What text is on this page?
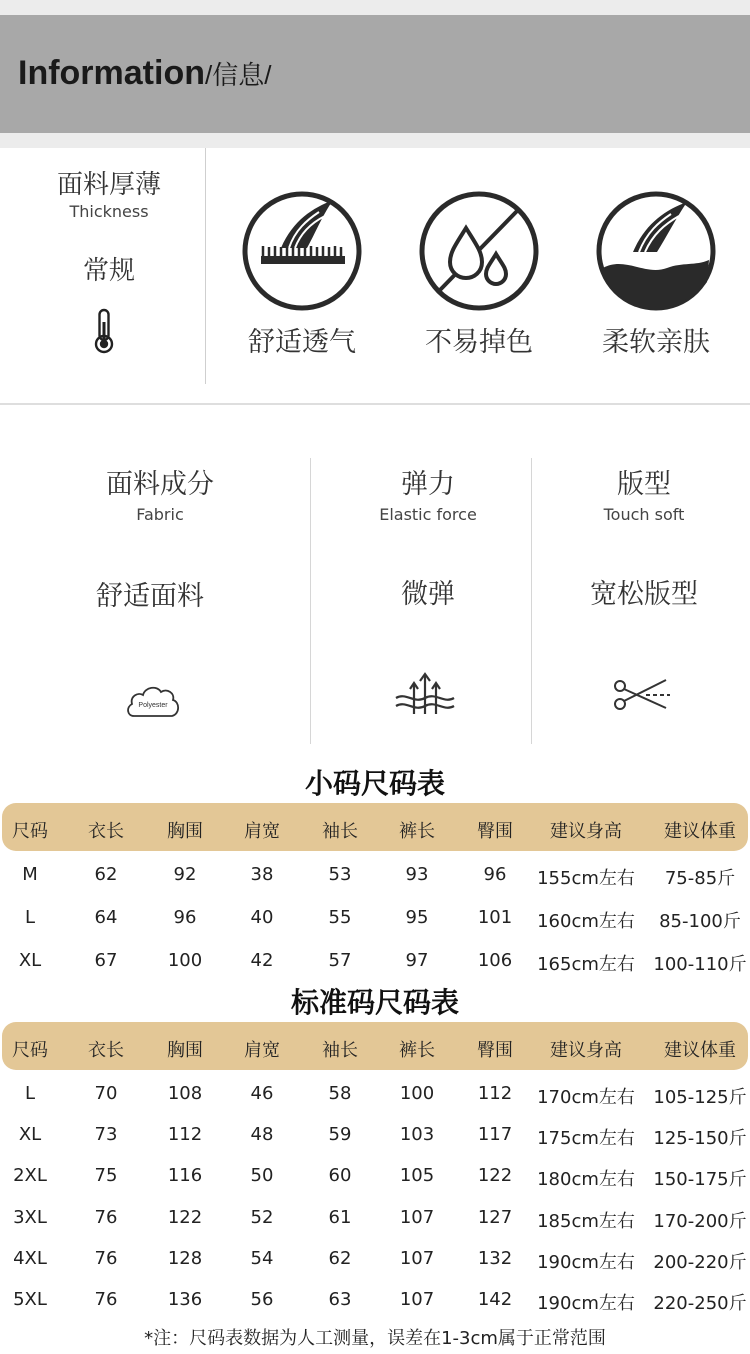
Information/信息/
面料厚薄
Thickness
常规
舒适透气	不易掉色	柔软亲肤
面料成分
Fabric
舒适面料
Polyester
弹力
Elastic force
微弹
版型
Touch soft
宽松版型
小码尺码表
尺码	衣长	胸围	肩宽	袖长	裤长	臀围	建议身高	建议体重
M	62	92	38	53	93	96	155cm左右	75-85斤
L	64	96	40	55	95	101	160cm左右	85-100斤
XL	67	100	42	57	97	106	165cm左右	100-110斤
标准码尺码表
尺码	衣长	胸围	肩宽	袖长	裤长	臀围	建议身高	建议体重
L	70	108	46	58	100	112	170cm左右	105-125斤
XL	73	112	48	59	103	117	175cm左右	125-150斤
2XL	75	116	50	60	105	122	180cm左右	150-175斤
3XL	76	122	52	61	107	127	185cm左右	170-200斤
4XL	76	128	54	62	107	132	190cm左右	200-220斤
5XL	76	136	56	63	107	142	190cm左右	220-250斤
*注：尺码表数据为人工测量，误差在1-3cm属于正常范围
